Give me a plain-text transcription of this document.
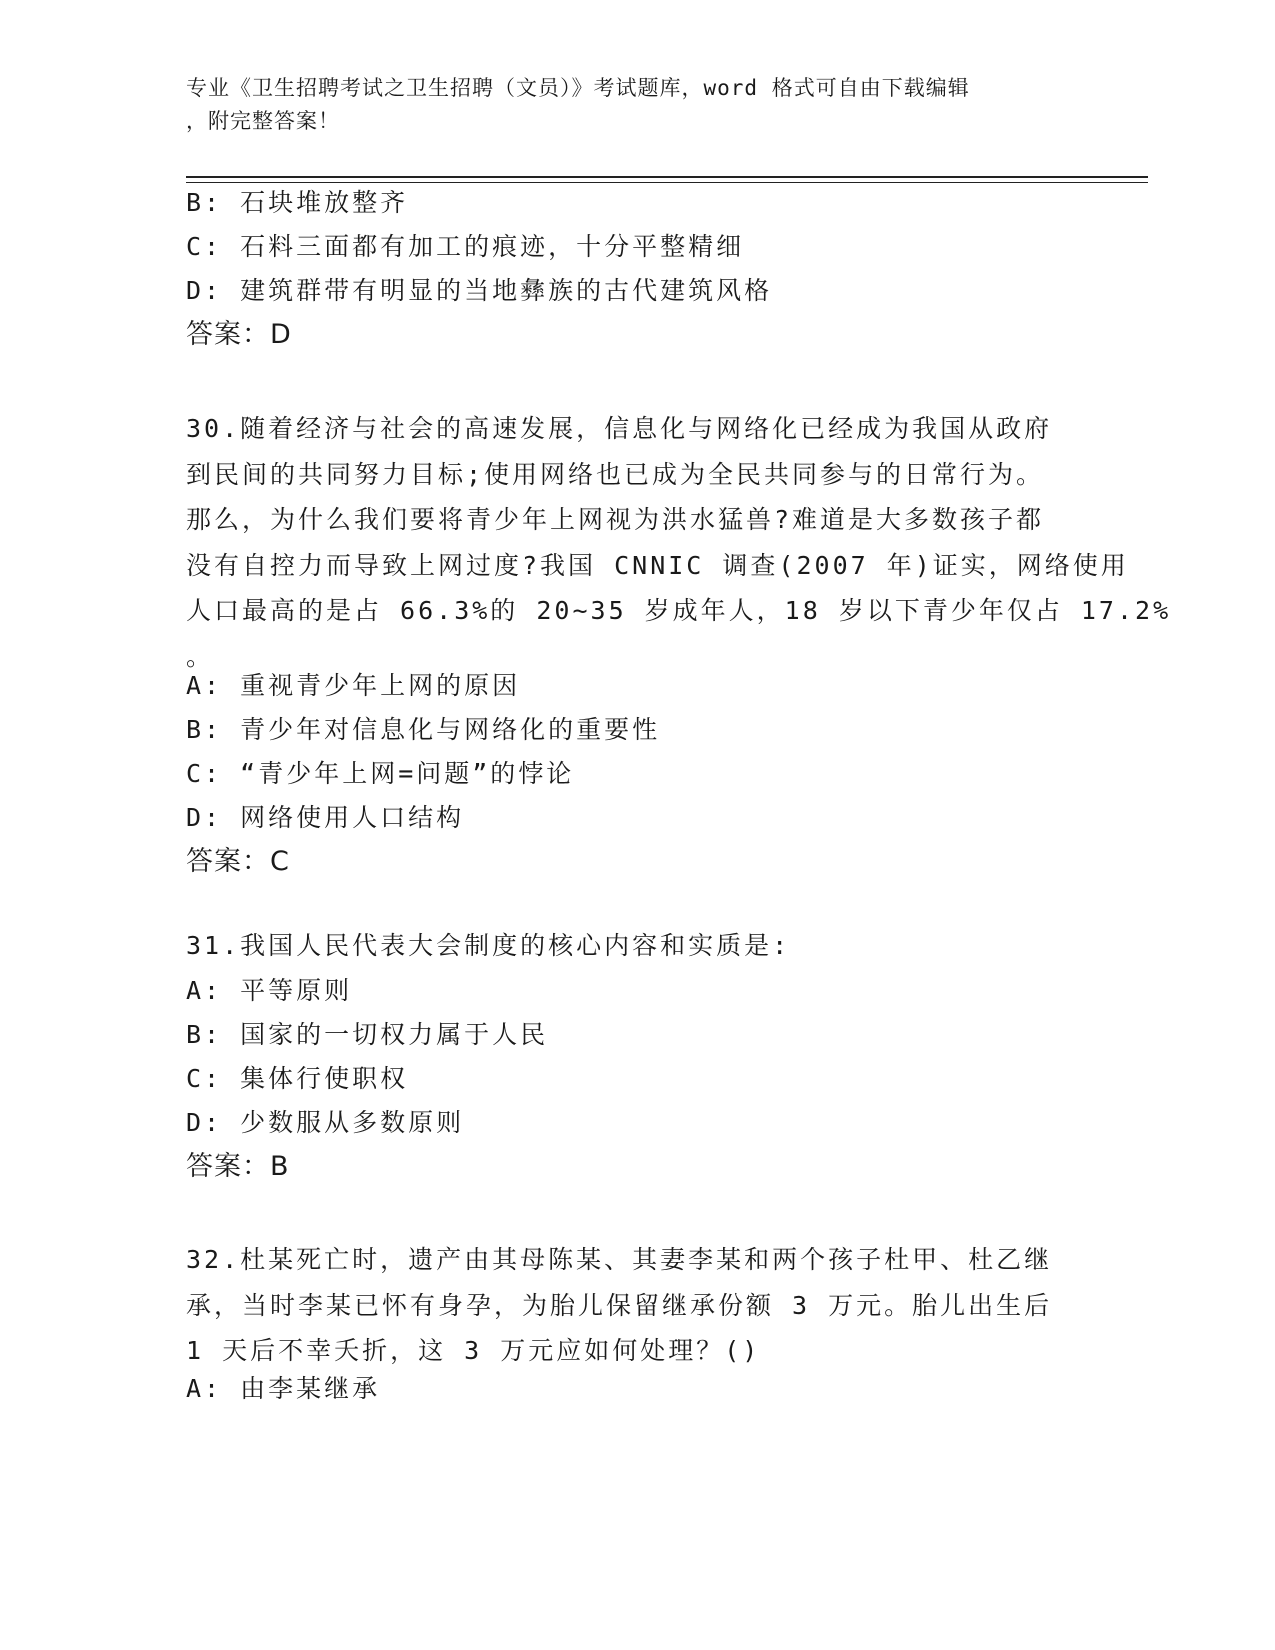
专业《卫生招聘考试之卫生招聘（文员）》考试题库，word 格式可自由下载编辑
，附完整答案！
B: 石块堆放整齐
C: 石料三面都有加工的痕迹，十分平整精细
D: 建筑群带有明显的当地彝族的古代建筑风格
答案：D
30.随着经济与社会的高速发展，信息化与网络化已经成为我国从政府
到民间的共同努力目标;使用网络也已成为全民共同参与的日常行为。
那么，为什么我们要将青少年上网视为洪水猛兽?难道是大多数孩子都
没有自控力而导致上网过度?我国 CNNIC 调查(2007 年)证实，网络使用
人口最高的是占 66.3%的 20~35 岁成年人，18 岁以下青少年仅占 17.2%
。
A: 重视青少年上网的原因
B: 青少年对信息化与网络化的重要性
C: “青少年上网=问题”的悖论
D: 网络使用人口结构
答案：C
31.我国人民代表大会制度的核心内容和实质是:
A: 平等原则
B: 国家的一切权力属于人民
C: 集体行使职权
D: 少数服从多数原则
答案：B
32.杜某死亡时，遗产由其母陈某、其妻李某和两个孩子杜甲、杜乙继
承，当时李某已怀有身孕，为胎儿保留继承份额 3 万元。胎儿出生后
1 天后不幸夭折，这 3 万元应如何处理？()
A: 由李某继承
